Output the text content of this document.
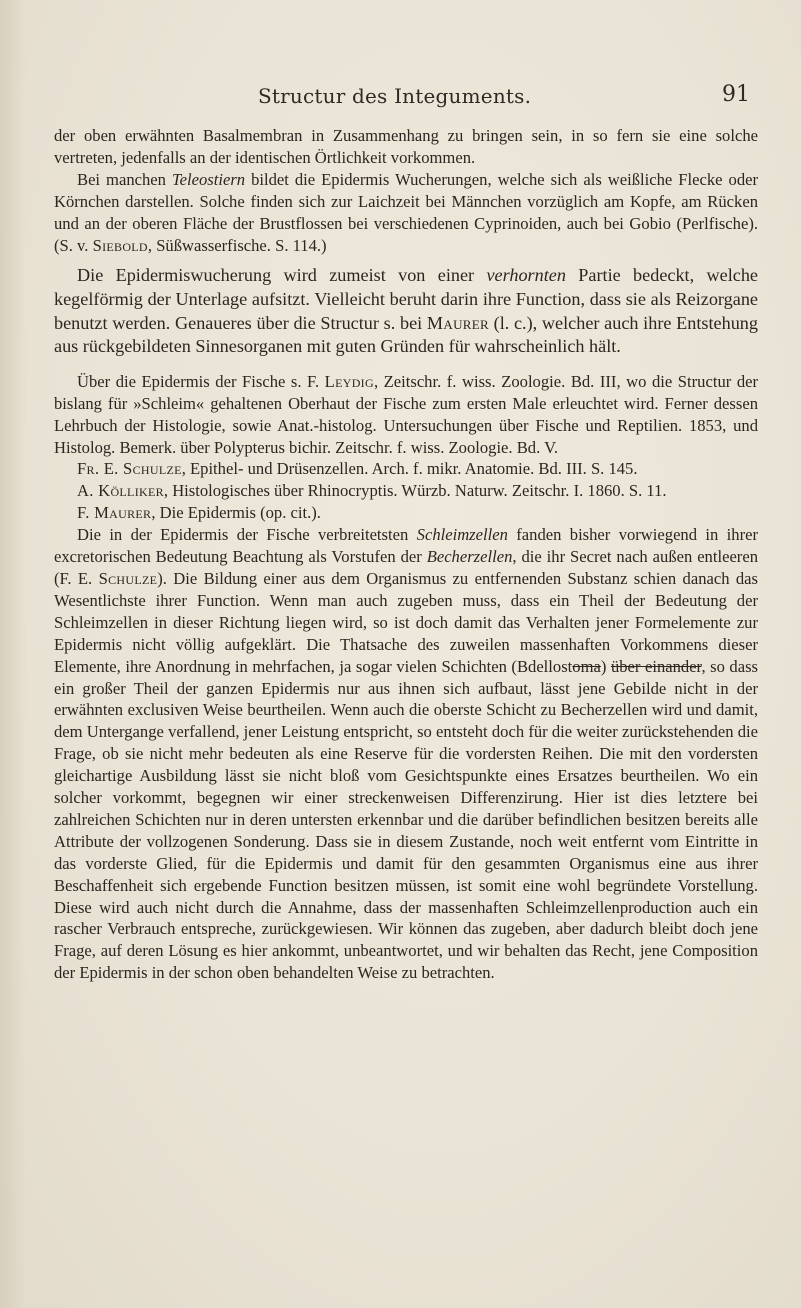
Structur des Integuments.	91

der oben erwähnten Basalmembran in Zusammenhang zu bringen sein, in so fern sie eine solche vertreten, jedenfalls an der identischen Örtlichkeit vorkommen.

Bei manchen Teleostiern bildet die Epidermis Wucherungen, welche sich als weißliche Flecke oder Körnchen darstellen. Solche finden sich zur Laichzeit bei Männchen vorzüglich am Kopfe, am Rücken und an der oberen Fläche der Brustflossen bei verschiedenen Cyprinoiden, auch bei Gobio (Perlfische). (S. v. Siebold, Süßwasserfische. S. 114.)

Die Epidermiswucherung wird zumeist von einer verhornten Partie bedeckt, welche kegelförmig der Unterlage aufsitzt. Vielleicht beruht darin ihre Function, dass sie als Reizorgane benutzt werden. Genaueres über die Structur s. bei Maurer (l. c.), welcher auch ihre Entstehung aus rückgebildeten Sinnesorganen mit guten Gründen für wahrscheinlich hält.

Über die Epidermis der Fische s. F. Leydig, Zeitschr. f. wiss. Zoologie. Bd. III, wo die Structur der bislang für »Schleim« gehaltenen Oberhaut der Fische zum ersten Male erleuchtet wird. Ferner dessen Lehrbuch der Histologie, sowie Anat.-histolog. Untersuchungen über Fische und Reptilien. 1853, und Histolog. Bemerk. über Polypterus bichir. Zeitschr. f. wiss. Zoologie. Bd. V.

Fr. E. Schulze, Epithel- und Drüsenzellen. Arch. f. mikr. Anatomie. Bd. III. S. 145.

A. Kölliker, Histologisches über Rhinocryptis. Würzb. Naturw. Zeitschr. I. 1860. S. 11.

F. Maurer, Die Epidermis (op. cit.).

Die in der Epidermis der Fische verbreitetsten Schleimzellen fanden bisher vorwiegend in ihrer excretorischen Bedeutung Beachtung als Vorstufen der Becherzellen, die ihr Secret nach außen entleeren (F. E. Schulze). Die Bildung einer aus dem Organismus zu entfernenden Substanz schien danach das Wesentlichste ihrer Function. Wenn man auch zugeben muss, dass ein Theil der Bedeutung der Schleimzellen in dieser Richtung liegen wird, so ist doch damit das Verhalten jener Formelemente zur Epidermis nicht völlig aufgeklärt. Die Thatsache des zuweilen massenhaften Vorkommens dieser Elemente, ihre Anordnung in mehrfachen, ja sogar vielen Schichten (Bdellostoma) über einander, so dass ein großer Theil der ganzen Epidermis nur aus ihnen sich aufbaut, lässt jene Gebilde nicht in der erwähnten exclusiven Weise beurtheilen. Wenn auch die oberste Schicht zu Becherzellen wird und damit, dem Untergange verfallend, jener Leistung entspricht, so entsteht doch für die weiter zurückstehenden die Frage, ob sie nicht mehr bedeuten als eine Reserve für die vordersten Reihen. Die mit den vordersten gleichartige Ausbildung lässt sie nicht bloß vom Gesichtspunkte eines Ersatzes beurtheilen. Wo ein solcher vorkommt, begegnen wir einer streckenweisen Differenzirung. Hier ist dies letztere bei zahlreichen Schichten nur in deren untersten erkennbar und die darüber befindlichen besitzen bereits alle Attribute der vollzogenen Sonderung. Dass sie in diesem Zustande, noch weit entfernt vom Eintritte in das vorderste Glied, für die Epidermis und damit für den gesammten Organismus eine aus ihrer Beschaffenheit sich ergebende Function besitzen müssen, ist somit eine wohl begründete Vorstellung. Diese wird auch nicht durch die Annahme, dass der massenhaften Schleimzellenproduction auch ein rascher Verbrauch entspreche, zurückgewiesen. Wir können das zugeben, aber dadurch bleibt doch jene Frage, auf deren Lösung es hier ankommt, unbeantwortet, und wir behalten das Recht, jene Composition der Epidermis in der schon oben behandelten Weise zu betrachten.
